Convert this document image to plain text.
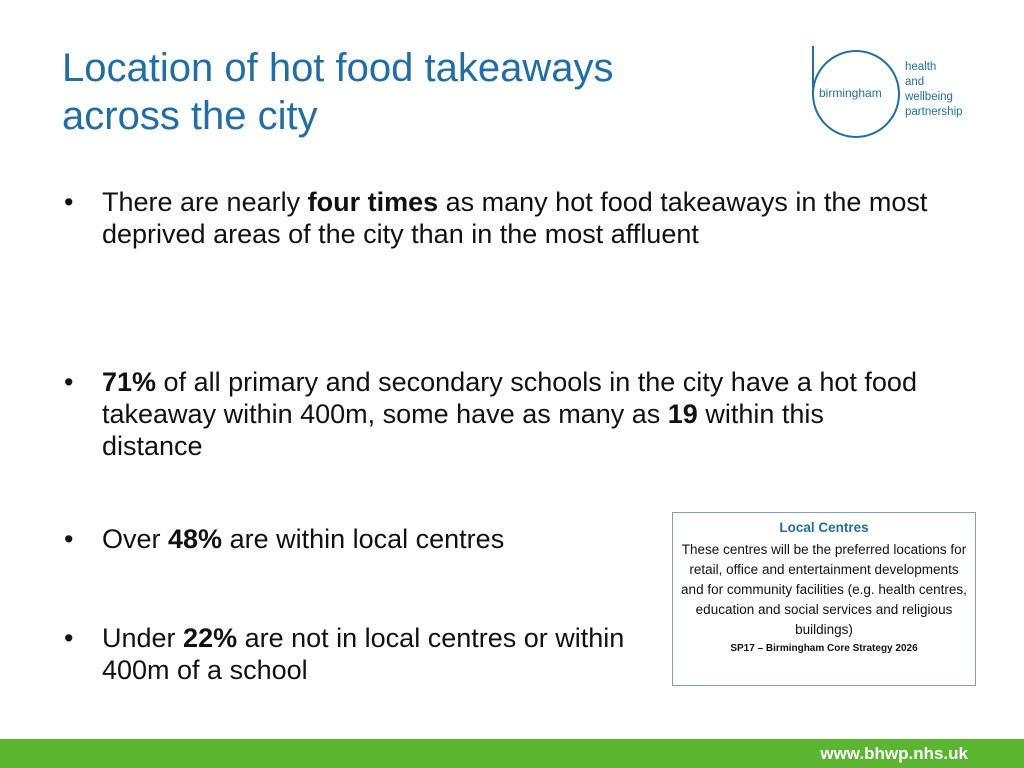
Location of hot food takeaways
across the city
birmingham
health
and
wellbeing
partnership
•	There are nearly four times as many hot food takeaways in the most deprived areas of the city than in the most affluent
•	71% of all primary and secondary schools in the city have a hot food takeaway within 400m, some have as many as 19 within this distance
•	Over 48% are within local centres
•	Under 22% are not in local centres or within 400m of a school
Local Centres
These centres will be the preferred locations for retail, office and entertainment developments and for community facilities (e.g. health centres, education and social services and religious buildings)
SP17 – Birmingham Core Strategy 2026
www.bhwp.nhs.uk
